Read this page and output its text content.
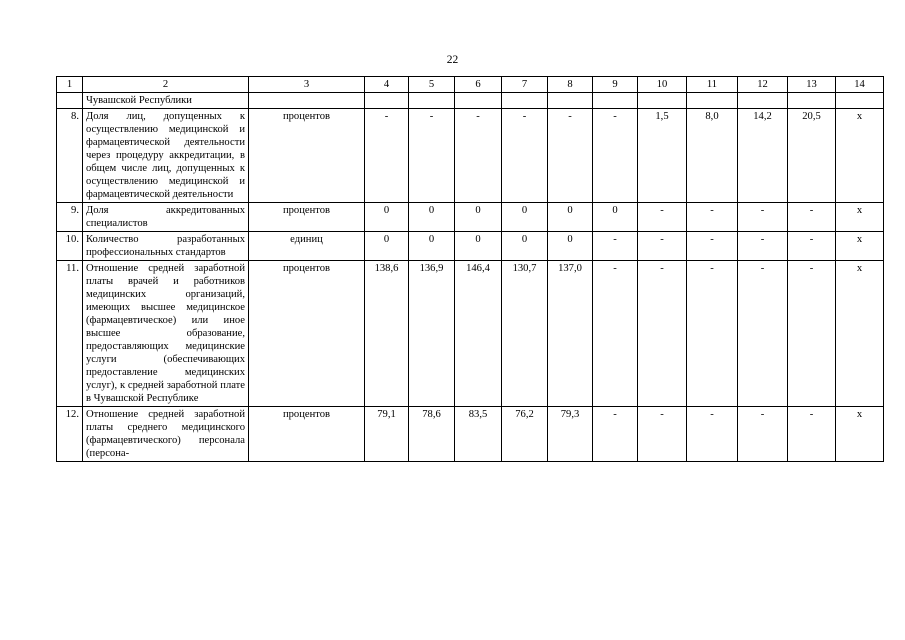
22
1	2	3	4	5	6	7	8	9	10	11	12	13	14
	Чувашской Республики												
8.	Доля лиц, допущенных к осуществлению медицинской и фармацевтической деятельности через процедуру аккредитации, в общем числе лиц, допущенных к осуществлению медицинской и фармацевтической деятельности	процентов	-	-	-	-	-	-	1,5	8,0	14,2	20,5	х
9.	Доля аккредитованных специалистов	процентов	0	0	0	0	0	0	-	-	-	-	х
10.	Количество разработанных профессиональных стандартов	единиц	0	0	0	0	0	-	-	-	-	-	х
11.	Отношение средней заработной платы врачей и работников медицинских организаций, имеющих высшее медицинское (фармацевтическое) или иное высшее образование, предоставляющих медицинские услуги (обеспечивающих предоставление медицинских услуг), к средней заработной плате в Чувашской Республике	процентов	138,6	136,9	146,4	130,7	137,0	-	-	-	-	-	х
12.	Отношение средней заработной платы среднего медицинского (фармацевтического) персонала (персона-	процентов	79,1	78,6	83,5	76,2	79,3	-	-	-	-	-	х
